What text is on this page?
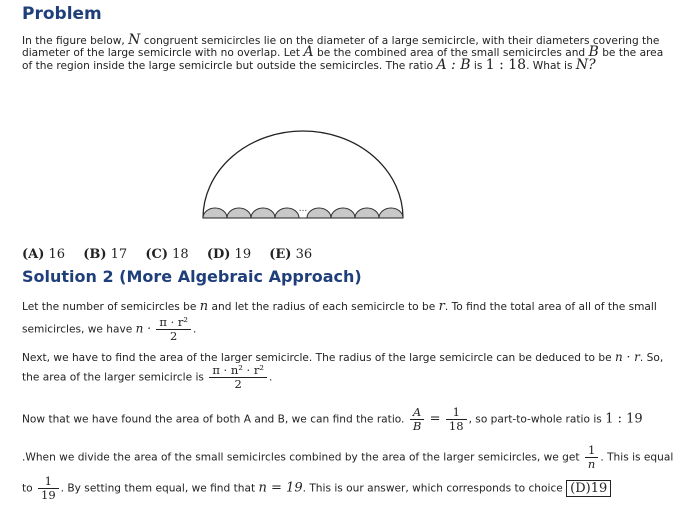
Problem
In the figure below, N congruent semicircles lie on the diameter of a large semicircle, with their diameters covering the
diameter of the large semicircle with no overlap. Let A be the combined area of the small semicircles and B be the area
of the region inside the large semicircle but outside the semicircles. The ratio A : B is 1 : 18. What is N?
...
(A) 16 (B) 17 (C) 18 (D) 19 (E) 36
Solution 2 (More Algebraic Approach)
Let the number of semicircles be n and let the radius of each semicircle to be r. To find the total area of all of the small
semicircles, we have $n \cdot \frac{\text{π · r²}}{2}$ .
Next, we have to find the area of the larger semicircle. The radius of the large semicircle can be deduced to be n · r. So,
the area of the larger semicircle is $\frac{\text{π · n² · r²}}{2}$ .
Now that we have found the area of both A and B, we can find the ratio. $\frac{A}{B} = \frac{1}{18}$ , so part-to-whole ratio is 1 : 19
.When we divide the area of the small semicircles combined by the area of the larger semicircles, we get $\frac{1}{n}$ . This is equal
to $\frac{1}{19}$ . By setting them equal, we find that n = 19. This is our answer, which corresponds to choice (D)19
